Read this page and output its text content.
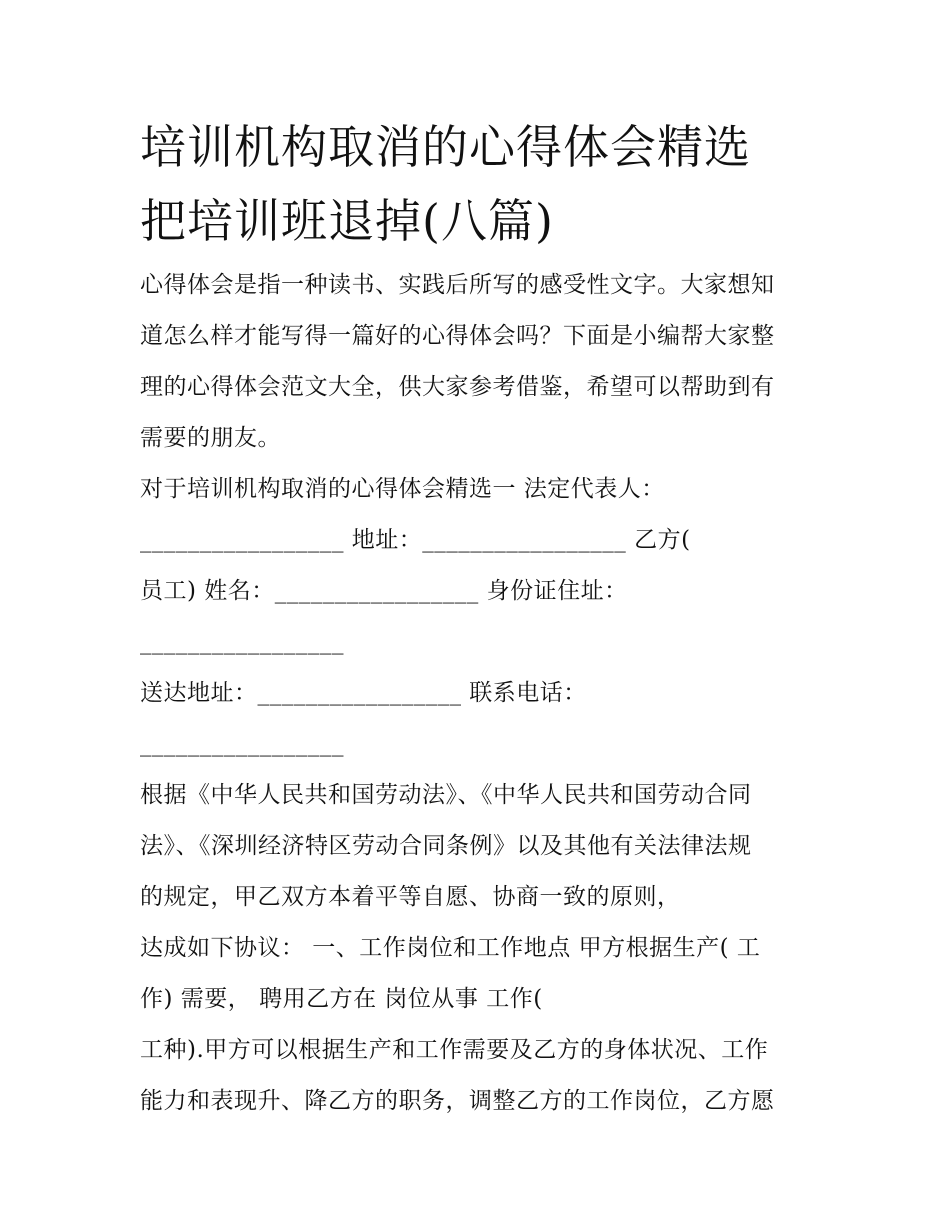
培训机构取消的心得体会精选
把培训班退掉(八篇)
心得体会是指一种读书、实践后所写的感受性文字。大家想知
道怎么样才能写得一篇好的心得体会吗？下面是小编帮大家整
理的心得体会范文大全，供大家参考借鉴，希望可以帮助到有
需要的朋友。
对于培训机构取消的心得体会精选一 法定代表人：
_________________ 地址：_________________ 乙方(
员工) 姓名：_________________ 身份证住址：
_________________
送达地址：_________________ 联系电话：
_________________
根据《中华人民共和国劳动法》、《中华人民共和国劳动合同
法》、《深圳经济特区劳动合同条例》以及其他有关法律法规
的规定，甲乙双方本着平等自愿、协商一致的原则，
达成如下协议： 一、工作岗位和工作地点 甲方根据生产( 工
作) 需要， 聘用乙方在 岗位从事 工作(
工种).甲方可以根据生产和工作需要及乙方的身体状况、工作
能力和表现升、降乙方的职务，调整乙方的工作岗位，乙方愿
